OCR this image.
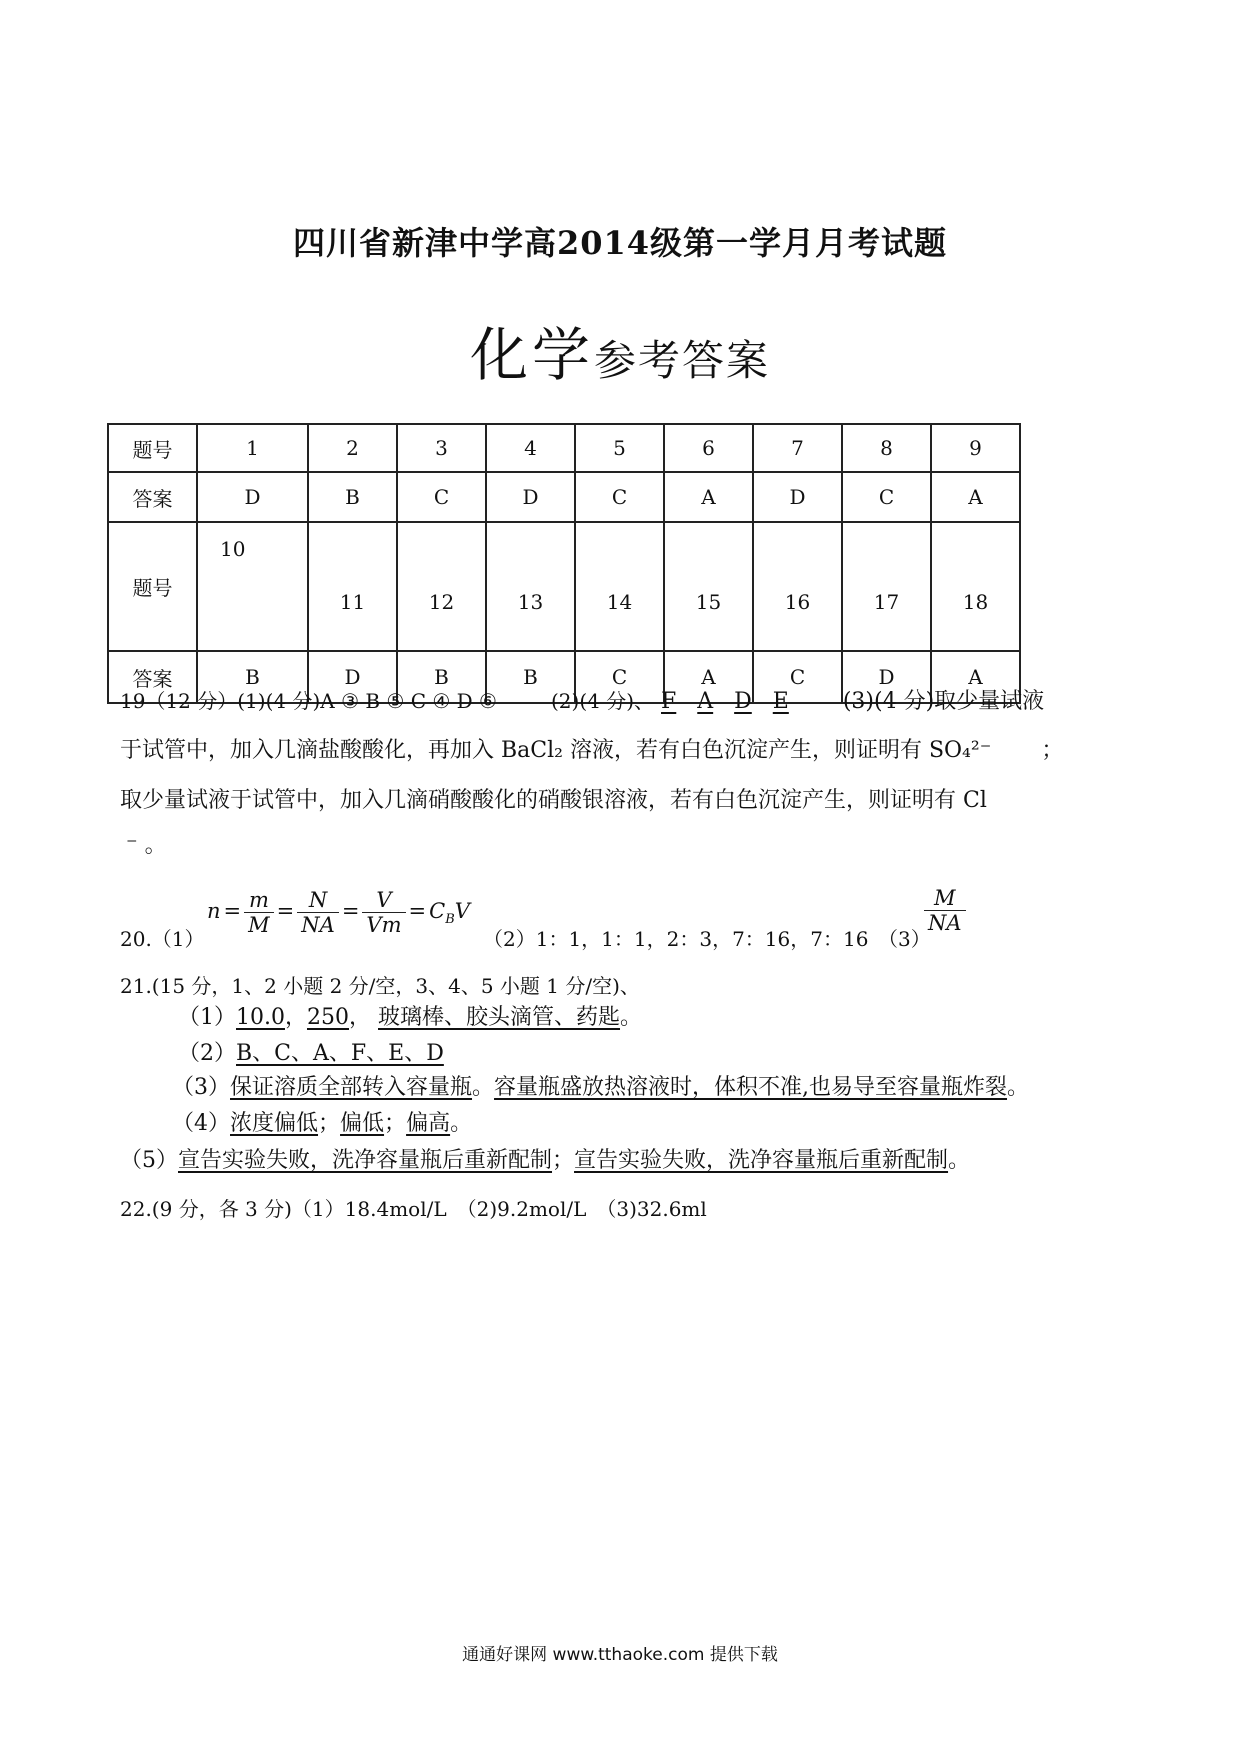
四川省新津中学高2014级第一学月月考试题
化学参考答案
题号	1	2	3	4	5	6	7	8	9
答案	D	B	C	D	C	A	D	C	A
题号	10	11	12	13	14	15	16	17	18
答案	B	D	B	B	C	A	C	D	A
19（12 分）(1)(4 分)A ③ B ⑤ C ④ D ⑥	(2)(4 分)、 F A D E (3)(4 分)取少量试液
于试管中，加入几滴盐酸酸化，再加入 BaCl₂ 溶液，若有白色沉淀产生，则证明有 SO₄²⁻ ；
取少量试液于试管中，加入几滴硝酸酸化的硝酸银溶液，若有白色沉淀产生，则证明有 Cl
⁻ 。
20.（1）
$n = \frac{m}{M} = \frac{N}{NA} = \frac{V}{Vm} = C_BV$
（2）1：1，1：1，2：3，7：16，7：16 （3）
$\frac{M}{NA}$
21.(15 分，1、2 小题 2 分/空，3、4、5 小题 1 分/空)、
（1）10.0，250， 玻璃棒、胶头滴管、药匙。
（2）B、C、A、F、E、D
（3）保证溶质全部转入容量瓶。容量瓶盛放热溶液时，体积不准,也易导至容量瓶炸裂。
（4）浓度偏低；偏低；偏高。
（5）宣告实验失败，洗净容量瓶后重新配制；宣告实验失败，洗净容量瓶后重新配制。
22.(9 分，各 3 分)（1）18.4mol/L　（2)9.2mol/L　（3)32.6ml
通通好课网 www.tthaoke.com 提供下载
